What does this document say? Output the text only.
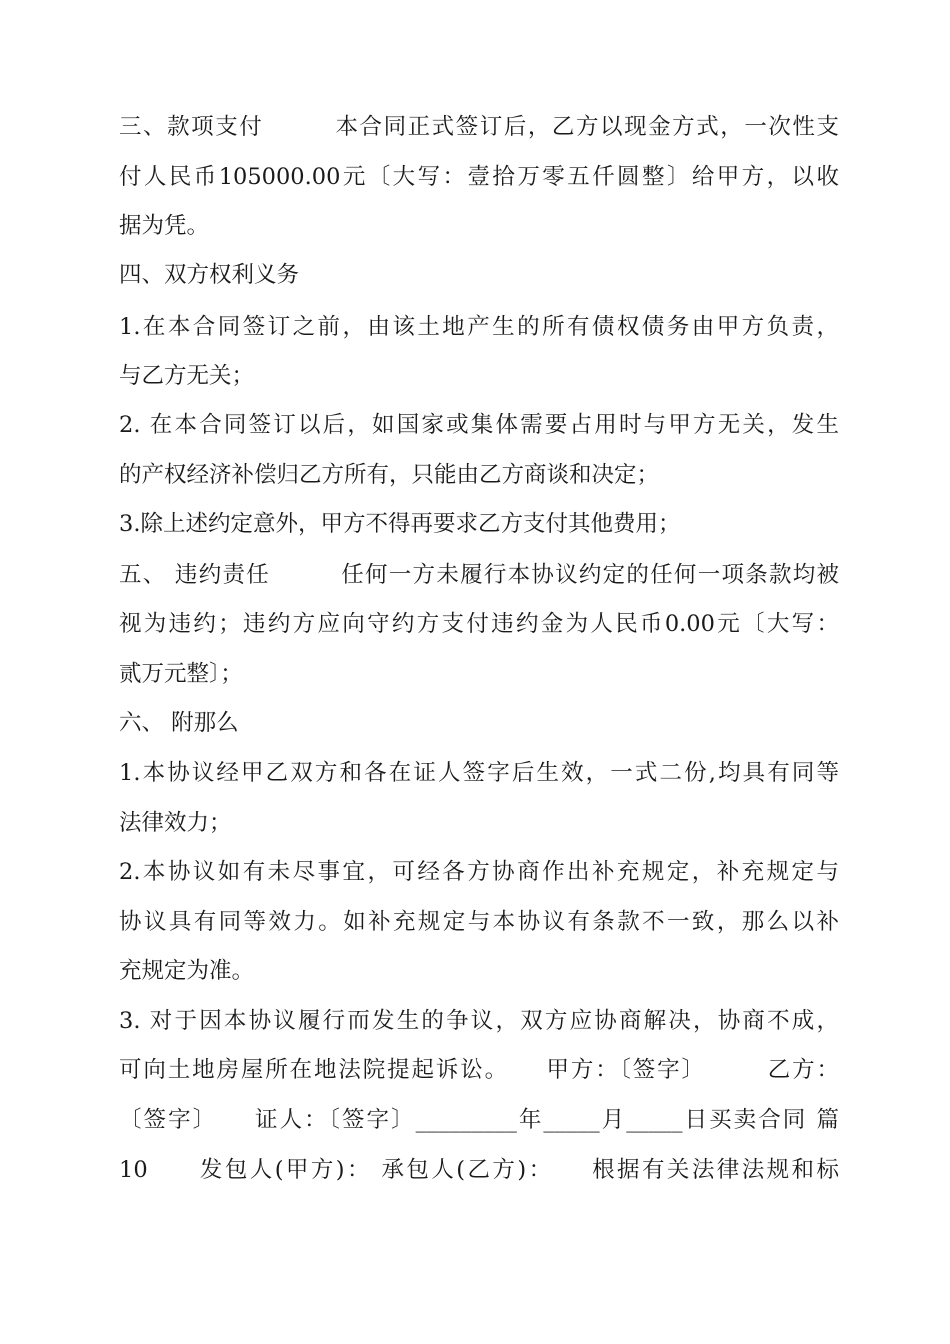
三、款项支付　　　本合同正式签订后，乙方以现金方式，一次性支
付人民币105000.00元〔大写：壹拾万零五仟圆整〕给甲方，以收
据为凭。
四、双方权利义务
1.在本合同签订之前，由该土地产生的所有债权债务由甲方负责，
与乙方无关；
2. 在本合同签订以后，如国家或集体需要占用时与甲方无关，发生
的产权经济补偿归乙方所有，只能由乙方商谈和决定；
3.除上述约定意外，甲方不得再要求乙方支付其他费用；
五、 违约责任　　　任何一方未履行本协议约定的任何一项条款均被
视为违约；违约方应向守约方支付违约金为人民币0.00元〔大写：
贰万元整〕；
六、 附那么
1.本协议经甲乙双方和各在证人签字后生效，一式二份,均具有同等
法律效力；
2.本协议如有未尽事宜，可经各方协商作出补充规定，补充规定与
协议具有同等效力。如补充规定与本协议有条款不一致，那么以补
充规定为准。
3. 对于因本协议履行而发生的争议，双方应协商解决，协商不成，
可向土地房屋所在地法院提起诉讼。　　甲方：〔签字〕　　　乙方：
〔签字〕　　证人：〔签字〕_________年_____月_____日买卖合同 篇
10　　发包人(甲方)： 承包人(乙方)：　　根据有关法律法规和标
